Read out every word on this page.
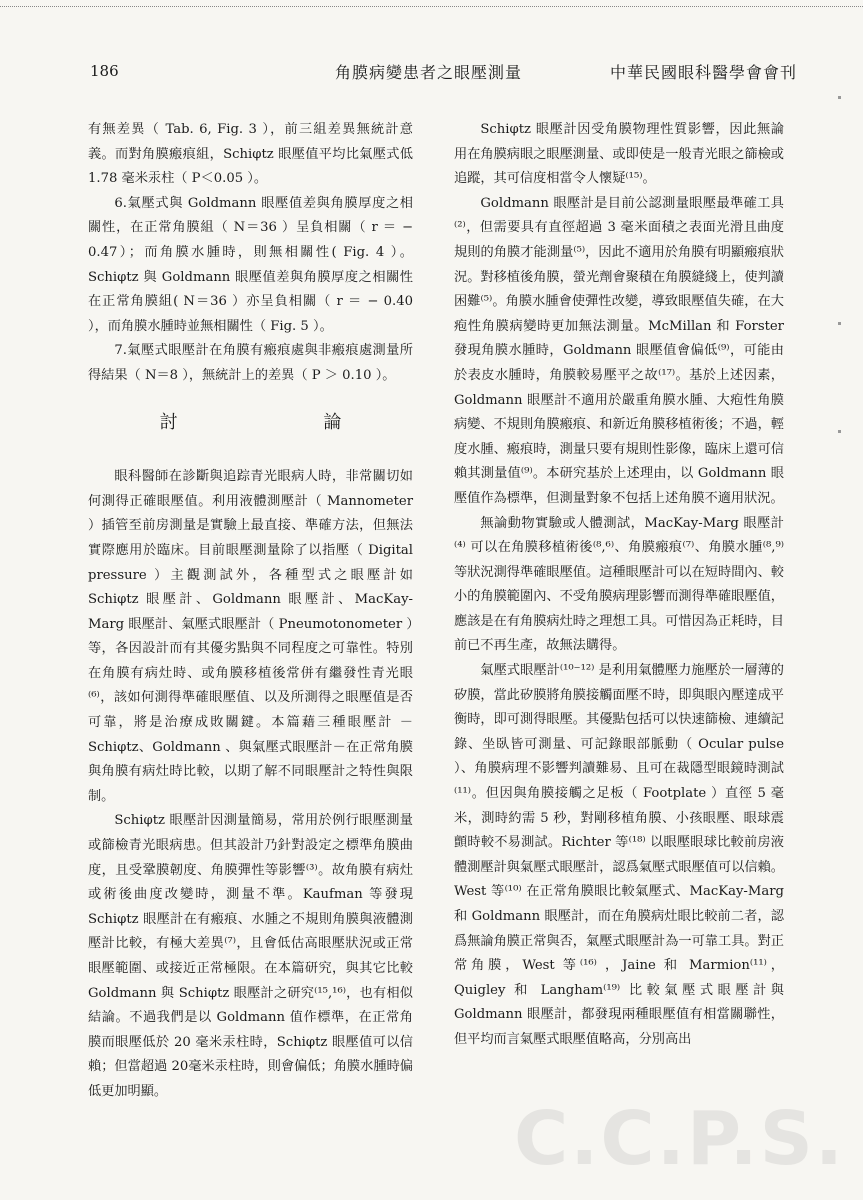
186	角膜病變患者之眼壓測量	中華民國眼科醫學會會刊

有無差異（ Tab. 6, Fig. 3 ），前三組差異無統計意義。而對角膜瘢痕組，Schiφtz 眼壓值平均比氣壓式低 1.78 毫米汞柱（ P＜0.05 ）。

6.氣壓式與 Goldmann 眼壓值差與角膜厚度之相關性，在正常角膜組（ N＝36 ）呈負相關（ r ＝ − 0.47）；而角膜水腫時，則無相關性( Fig. 4 ）。Schiφtz 與 Goldmann 眼壓值差與角膜厚度之相關性在正常角膜組( N＝36 ）亦呈負相關（ r ＝ − 0.40 ），而角膜水腫時並無相關性（ Fig. 5 ）。

7.氣壓式眼壓計在角膜有瘢痕處與非瘢痕處測量所得結果（ N＝8 ），無統計上的差異（ P ＞ 0.10 ）。

討 論

眼科醫師在診斷與追踪青光眼病人時，非常關切如何測得正確眼壓值。利用液體測壓計（ Mannometer ）插管至前房測量是實驗上最直接、準確方法，但無法實際應用於臨床。目前眼壓測量除了以指壓（ Digital pressure ）主觀測試外，各種型式之眼壓計如 Schiφtz 眼壓計、Goldmann 眼壓計、MacKay-Marg 眼壓計、氣壓式眼壓計（ Pneumotonometer ）等，各因設計而有其優劣點與不同程度之可靠性。特別在角膜有病灶時、或角膜移植後常併有繼發性青光眼⁽⁶⁾，該如何測得準確眼壓值、以及所測得之眼壓值是否可靠，將是治療成敗關鍵。本篇藉三種眼壓計 － Schiφtz、Goldmann 、與氣壓式眼壓計－在正常角膜與角膜有病灶時比較，以期了解不同眼壓計之特性與限制。

Schiφtz 眼壓計因測量簡易，常用於例行眼壓測量或篩檢青光眼病患。但其設計乃針對設定之標準角膜曲度，且受鞏膜韌度、角膜彈性等影響⁽³⁾。故角膜有病灶或術後曲度改變時，測量不準。Kaufman 等發現 Schiφtz 眼壓計在有瘢痕、水腫之不規則角膜與液體測壓計比較，有極大差異⁽⁷⁾，且會低估高眼壓狀況或正常眼壓範圍、或接近正常極限。在本篇研究，與其它比較 Goldmann 與 Schiφtz 眼壓計之研究⁽¹⁵,¹⁶⁾，也有相似結論。不過我們是以 Goldmann 值作標準，在正常角膜而眼壓低於 20 毫米汞柱時，Schiφtz 眼壓值可以信賴；但當超過 20毫米汞柱時，則會偏低；角膜水腫時偏低更加明顯。

Schiφtz 眼壓計因受角膜物理性質影響，因此無論用在角膜病眼之眼壓測量、或即使是一般青光眼之篩檢或追蹤，其可信度相當令人懷疑⁽¹⁵⁾。

Goldmann 眼壓計是目前公認測量眼壓最準確工具⁽²⁾，但需要具有直徑超過 3 毫米面積之表面光滑且曲度規則的角膜才能測量⁽⁵⁾，因此不適用於角膜有明顯瘢痕狀況。對移植後角膜，螢光劑會聚積在角膜縫綫上，使判讀困難⁽⁵⁾。角膜水腫會使彈性改變，導致眼壓值失確，在大疱性角膜病變時更加無法測量。McMillan 和 Forster 發現角膜水腫時，Goldmann 眼壓值會偏低⁽⁹⁾，可能由於表皮水腫時，角膜較易壓平之故⁽¹⁷⁾。基於上述因素，Goldmann 眼壓計不適用於嚴重角膜水腫、大疱性角膜病變、不規則角膜瘢痕、和新近角膜移植術後；不過，輕度水腫、瘢痕時，測量只要有規則性影像，臨床上還可信賴其測量值⁽⁹⁾。本研究基於上述理由，以 Goldmann 眼壓值作為標準，但測量對象不包括上述角膜不適用狀況。

無論動物實驗或人體測試，MacKay-Marg 眼壓計⁽⁴⁾ 可以在角膜移植術後⁽⁸,⁶⁾、角膜瘢痕⁽⁷⁾、角膜水腫⁽⁸,⁹⁾ 等狀況測得準確眼壓值。這種眼壓計可以在短時間內、較小的角膜範圍內、不受角膜病理影響而測得準確眼壓值，應該是在有角膜病灶時之理想工具。可惜因為正耗時，目前已不再生產，故無法購得。

氣壓式眼壓計⁽¹⁰⁻¹²⁾ 是利用氣體壓力施壓於一層薄的矽膜，當此矽膜將角膜接觸面壓不時，即與眼內壓達成平衡時，即可測得眼壓。其優點包括可以快速篩檢、連續記錄、坐臥皆可測量、可記錄眼部脈動（ Ocular pulse ）、角膜病理不影響判讀難易、且可在裁隱型眼鏡時測試⁽¹¹⁾。但因與角膜接觸之足板（ Footplate ）直徑 5 毫米，測時約需 5 秒，對剛移植角膜、小孩眼壓、眼球震顫時較不易測試。Richter 等⁽¹⁸⁾ 以眼壓眼球比較前房液體測壓計與氣壓式眼壓計，認爲氣壓式眼壓值可以信賴。West 等⁽¹⁰⁾ 在正常角膜眼比較氣壓式、MacKay-Marg 和 Goldmann 眼壓計，而在角膜病灶眼比較前二者，認爲無論角膜正常與否，氣壓式眼壓計為一可靠工具。對正常角膜，West 等⁽¹⁶⁾ ，Jaine 和 Marmion⁽¹¹⁾，Quigley 和 Langham⁽¹⁹⁾ 比較氣壓式眼壓計與 Goldmann 眼壓計，都發現兩種眼壓值有相當關聯性，但平均而言氣壓式眼壓值略高，分別高出

C.C.P.S.
